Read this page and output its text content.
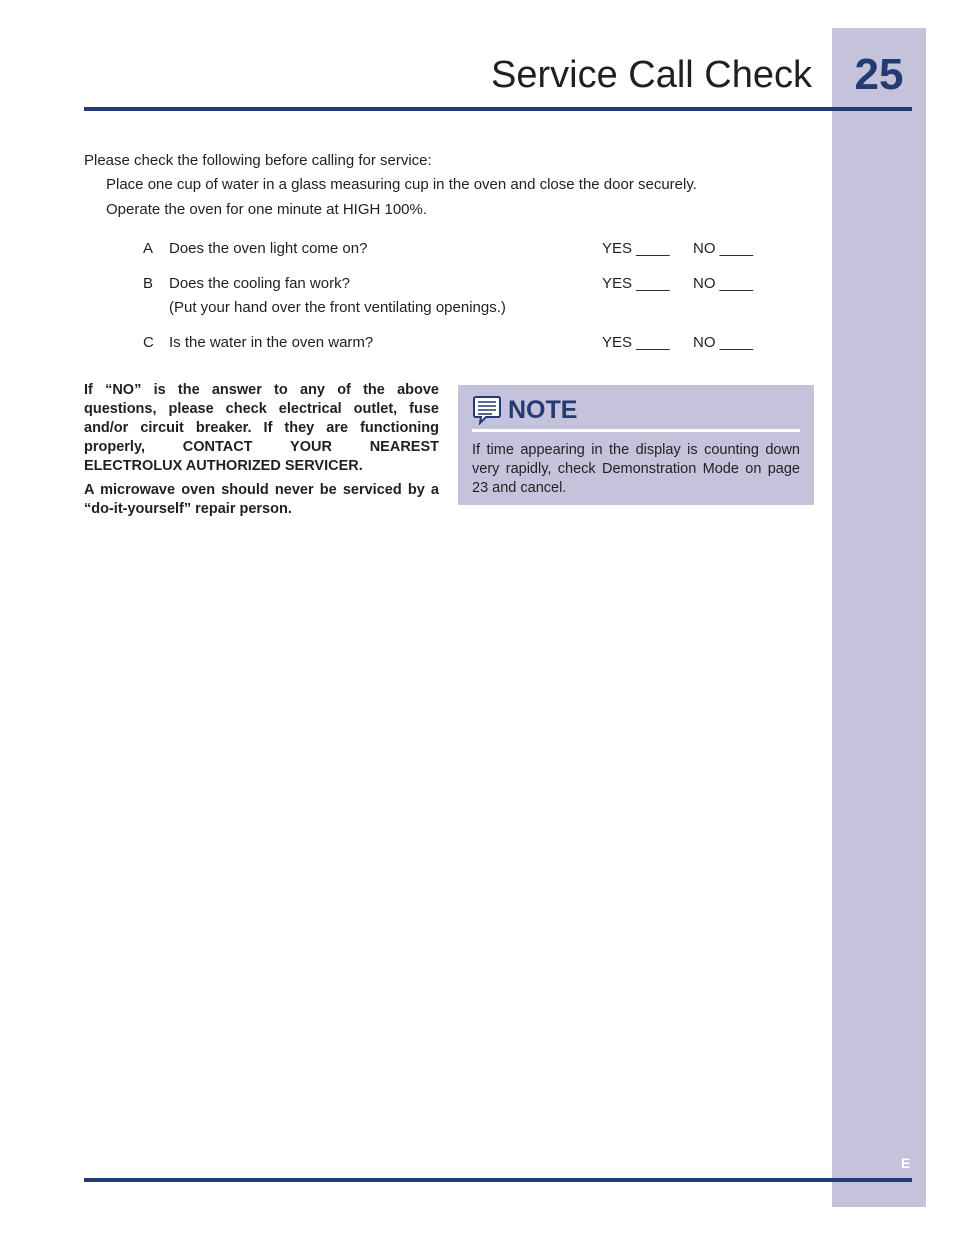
25
Service Call Check
Please check the following before calling for service:
Place one cup of water in a glass measuring cup in the oven and close the door securely.
Operate the oven for one minute at HIGH 100%.
A Does the oven light come on?	YES ____ NO ____
B Does the cooling fan work?
(Put your hand over the front ventilating openings.)
YES ____ NO ____
C Is the water in the oven warm?	YES ____ NO ____

If “NO” is the answer to any of the above questions, please check electrical outlet, fuse and/or circuit breaker. If they are functioning properly, CONTACT YOUR NEAREST ELECTROLUX AUTHORIZED SERVICER.

A microwave oven should never be serviced by a “do-it-yourself” repair person.

NOTE
If time appearing in the display is counting down very rapidly, check Demonstration Mode on page 23 and cancel.
E
